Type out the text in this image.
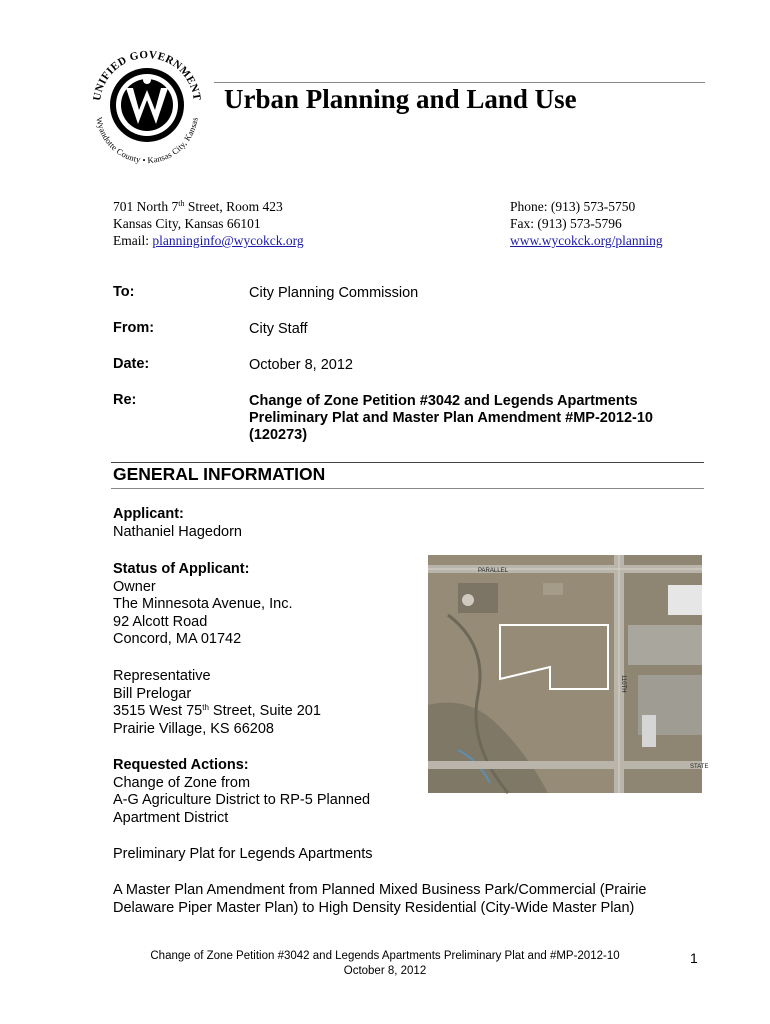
UNIFIED GOVERNMENT
Wyandotte County • Kansas City, Kansas
Urban Planning and Land Use
701 North 7th Street, Room 423
Kansas City, Kansas 66101
Email: planninginfo@wycokck.org
Phone: (913) 573-5750
Fax: (913) 573-5796
www.wycokck.org/planning
To:	City Planning Commission
From:	City Staff
Date:	October 8, 2012
Re:	Change of Zone Petition #3042 and Legends Apartments
Preliminary Plat and Master Plan Amendment #MP-2012-10
(120273)
GENERAL INFORMATION
Applicant:
Nathaniel Hagedorn
Status of Applicant:
Owner
The Minnesota Avenue, Inc.
92 Alcott Road
Concord, MA 01742
Representative
Bill Prelogar
3515 West 75th Street, Suite 201
Prairie Village, KS 66208
Requested Actions:
Change of Zone from
A-G Agriculture District to RP-5 Planned
Apartment District
Preliminary Plat for Legends Apartments
A Master Plan Amendment from Planned Mixed Business Park/Commercial (Prairie
Delaware Piper Master Plan) to High Density Residential (City-Wide Master Plan)
PARALLEL
110TH
STATE
Change of Zone Petition #3042 and Legends Apartments Preliminary Plat and #MP-2012-10
October 8, 2012
1
